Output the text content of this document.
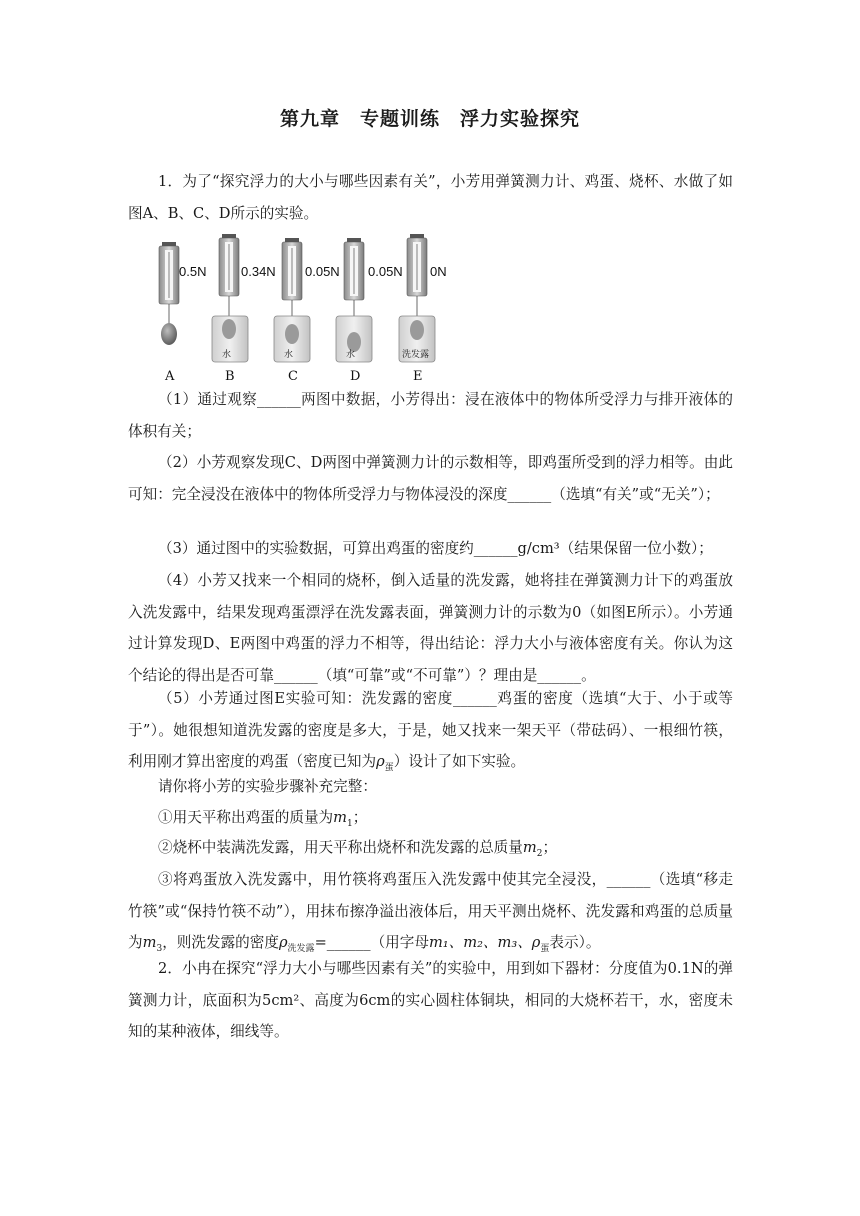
第九章　专题训练　浮力实验探究

1．为了“探究浮力的大小与哪些因素有关”，小芳用弹簧测力计、鸡蛋、烧杯、水做了如图A、B、C、D所示的实验。

0.5N	0.34N 0.05N 0.05N 0N
水	水	水	洗发露
A	B	C	D	E

（1）通过观察______两图中数据，小芳得出：浸在液体中的物体所受浮力与排开液体的体积有关；

（2）小芳观察发现C、D两图中弹簧测力计的示数相等，即鸡蛋所受到的浮力相等。由此可知：完全浸没在液体中的物体所受浮力与物体浸没的深度______（选填“有关”或“无关”）；

（3）通过图中的实验数据，可算出鸡蛋的密度约______g/cm³（结果保留一位小数）；

（4）小芳又找来一个相同的烧杯，倒入适量的洗发露，她将挂在弹簧测力计下的鸡蛋放入洗发露中，结果发现鸡蛋漂浮在洗发露表面，弹簧测力计的示数为0（如图E所示）。小芳通过计算发现D、E两图中鸡蛋的浮力不相等，得出结论：浮力大小与液体密度有关。你认为这个结论的得出是否可靠______（填“可靠”或“不可靠”）？理由是______。

（5）小芳通过图E实验可知：洗发露的密度______鸡蛋的密度（选填“大于、小于或等于”）。她很想知道洗发露的密度是多大，于是，她又找来一架天平（带砝码）、一根细竹筷，利用刚才算出密度的鸡蛋（密度已知为$\rho_蛋$）设计了如下实验。

请你将小芳的实验步骤补充完整：

①用天平称出鸡蛋的质量为$m_1$；

②烧杯中装满洗发露，用天平称出烧杯和洗发露的总质量$m_2$；

③将鸡蛋放入洗发露中，用竹筷将鸡蛋压入洗发露中使其完全浸没，______（选填“移走竹筷”或“保持竹筷不动”），用抹布擦净溢出液体后，用天平测出烧杯、洗发露和鸡蛋的总质量为$m_3$，则洗发露的密度$\rho_{洗发露}=\_\_\_\_\_\_$（用字母m₁、m₂、m₃、$\rho_蛋$表示）。

2．小冉在探究“浮力大小与哪些因素有关”的实验中，用到如下器材：分度值为0.1N的弹簧测力计，底面积为5cm²、高度为6cm的实心圆柱体铜块，相同的大烧杯若干，水，密度未知的某种液体，细线等。
